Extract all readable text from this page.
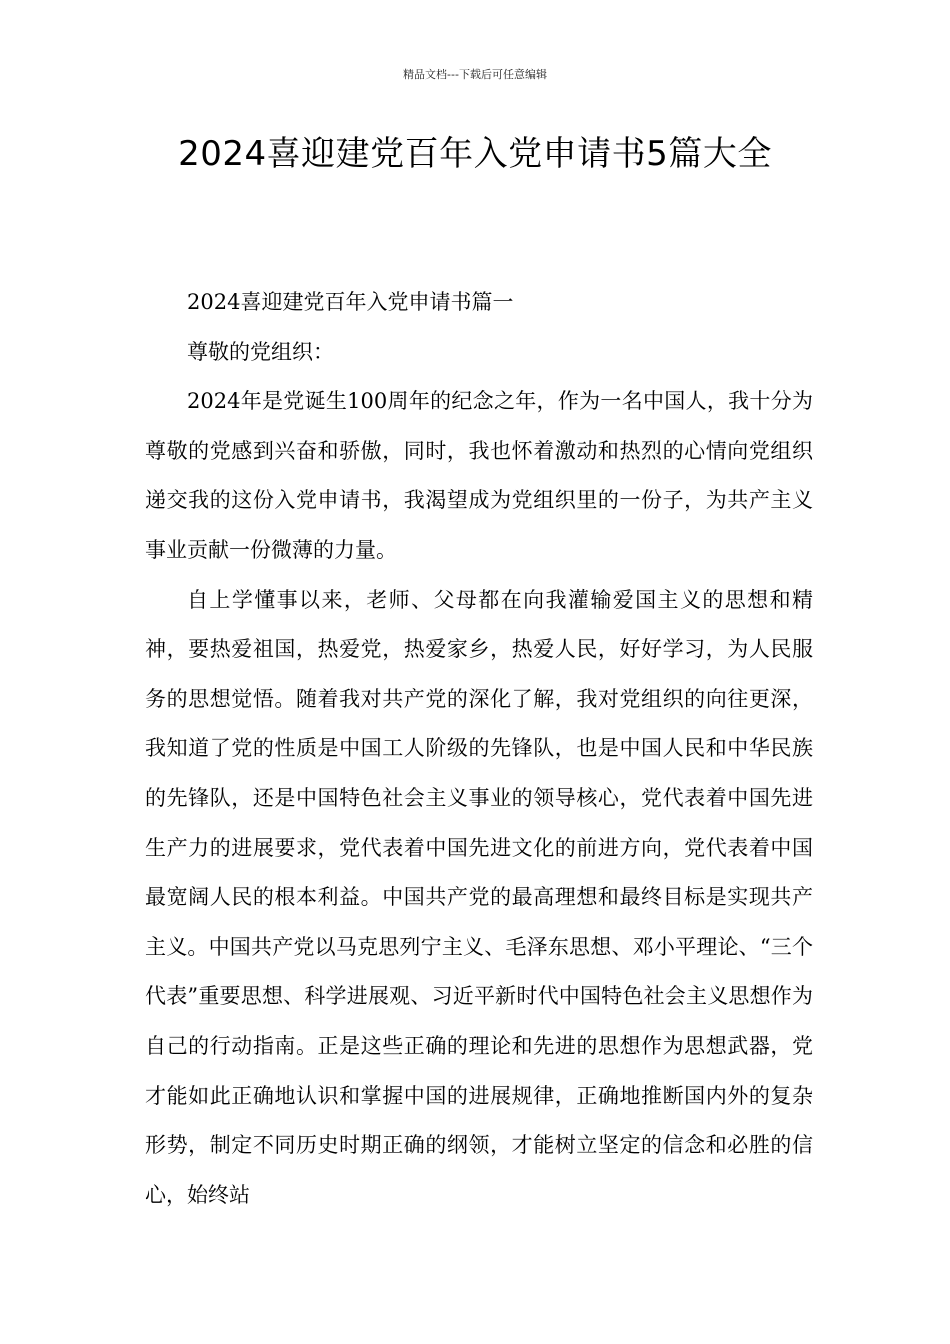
精品文档---下载后可任意编辑
2024喜迎建党百年入党申请书5篇大全

2024喜迎建党百年入党申请书篇一

尊敬的党组织：

2024年是党诞生100周年的纪念之年，作为一名中国人，我十分为尊敬的党感到兴奋和骄傲，同时，我也怀着激动和热烈的心情向党组织递交我的这份入党申请书，我渴望成为党组织里的一份子，为共产主义事业贡献一份微薄的力量。

自上学懂事以来，老师、父母都在向我灌输爱国主义的思想和精神，要热爱祖国，热爱党，热爱家乡，热爱人民，好好学习，为人民服务的思想觉悟。随着我对共产党的深化了解，我对党组织的向往更深，我知道了党的性质是中国工人阶级的先锋队，也是中国人民和中华民族的先锋队，还是中国特色社会主义事业的领导核心，党代表着中国先进生产力的进展要求，党代表着中国先进文化的前进方向，党代表着中国最宽阔人民的根本利益。中国共产党的最高理想和最终目标是实现共产主义。中国共产党以马克思列宁主义、毛泽东思想、邓小平理论、“三个代表”重要思想、科学进展观、习近平新时代中国特色社会主义思想作为自己的行动指南。正是这些正确的理论和先进的思想作为思想武器，党才能如此正确地认识和掌握中国的进展规律，正确地推断国内外的复杂形势，制定不同历史时期正确的纲领，才能树立坚定的信念和必胜的信心，始终站
